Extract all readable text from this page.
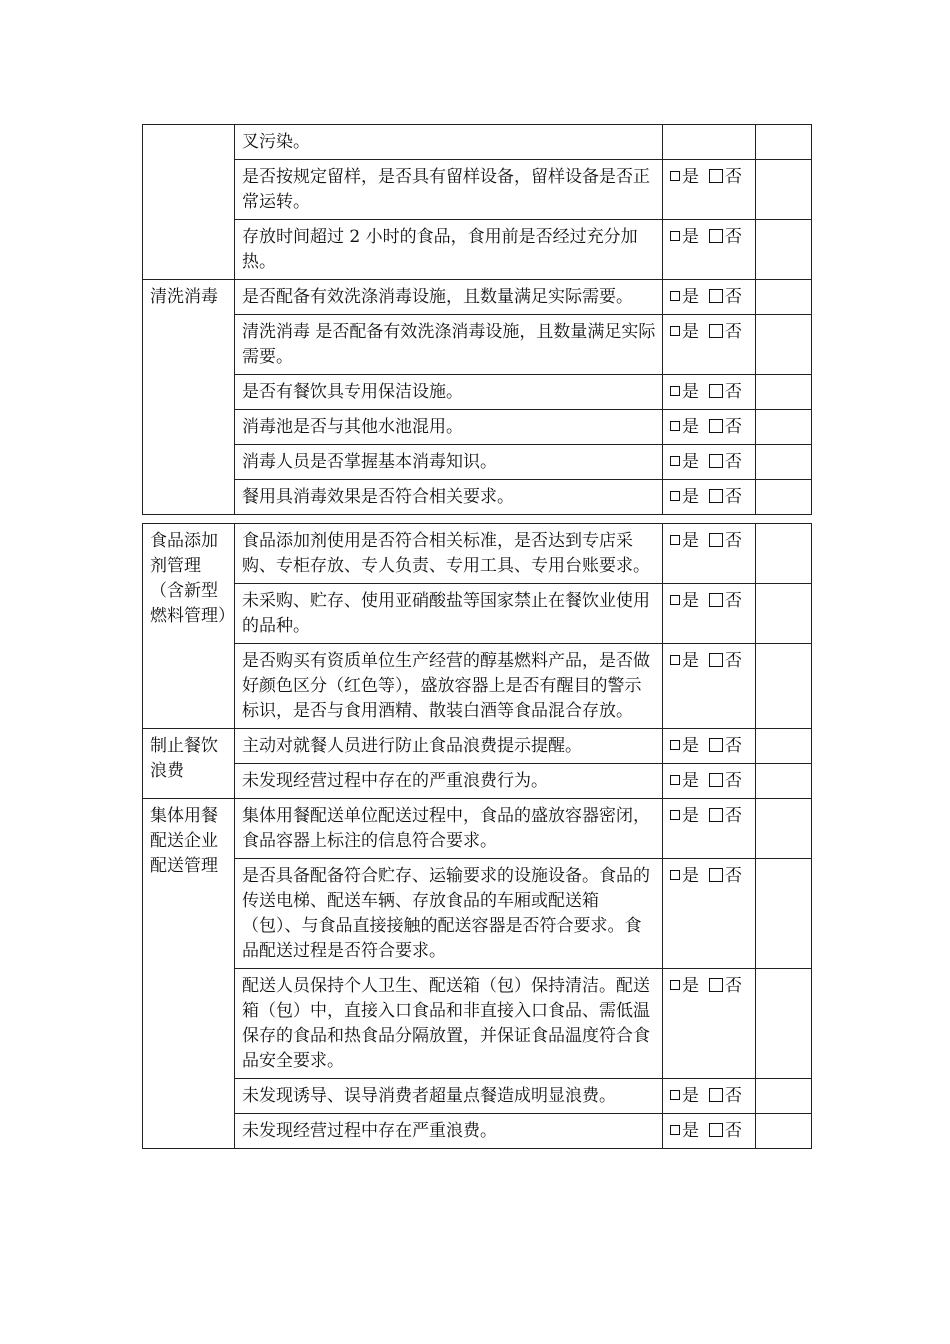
	叉污染。		
	是否按规定留样，是否具有留样设备，留样设备是否正常运转。	是 否	
	存放时间超过 2 小时的食品，食用前是否经过充分加热。	是 否	
清洗消毒	是否配备有效洗涤消毒设施，且数量满足实际需要。	是 否	
	清洗消毒 是否配备有效洗涤消毒设施，且数量满足实际需要。	是 否	
	是否有餐饮具专用保洁设施。	是 否	
	消毒池是否与其他水池混用。	是 否	
	消毒人员是否掌握基本消毒知识。	是 否	
	餐用具消毒效果是否符合相关要求。	是 否	
食品添加剂管理（含新型燃料管理）	食品添加剂使用是否符合相关标准，是否达到专店采购、专柜存放、专人负责、专用工具、专用台账要求。	是 否	
	未采购、贮存、使用亚硝酸盐等国家禁止在餐饮业使用的品种。	是 否	
	是否购买有资质单位生产经营的醇基燃料产品，是否做好颜色区分（红色等），盛放容器上是否有醒目的警示标识，是否与食用酒精、散装白酒等食品混合存放。	是 否	
制止餐饮浪费	主动对就餐人员进行防止食品浪费提示提醒。	是 否	
	未发现经营过程中存在的严重浪费行为。	是 否	
集体用餐配送企业配送管理	集体用餐配送单位配送过程中，食品的盛放容器密闭，食品容器上标注的信息符合要求。	是 否	
	是否具备配备符合贮存、运输要求的设施设备。食品的传送电梯、配送车辆、存放食品的车厢或配送箱（包）、与食品直接接触的配送容器是否符合要求。食品配送过程是否符合要求。	是 否	
	配送人员保持个人卫生、配送箱（包）保持清洁。配送箱（包）中，直接入口食品和非直接入口食品、需低温保存的食品和热食品分隔放置，并保证食品温度符合食品安全要求。	是 否	
	未发现诱导、误导消费者超量点餐造成明显浪费。	是 否	
	未发现经营过程中存在严重浪费。	是 否	
